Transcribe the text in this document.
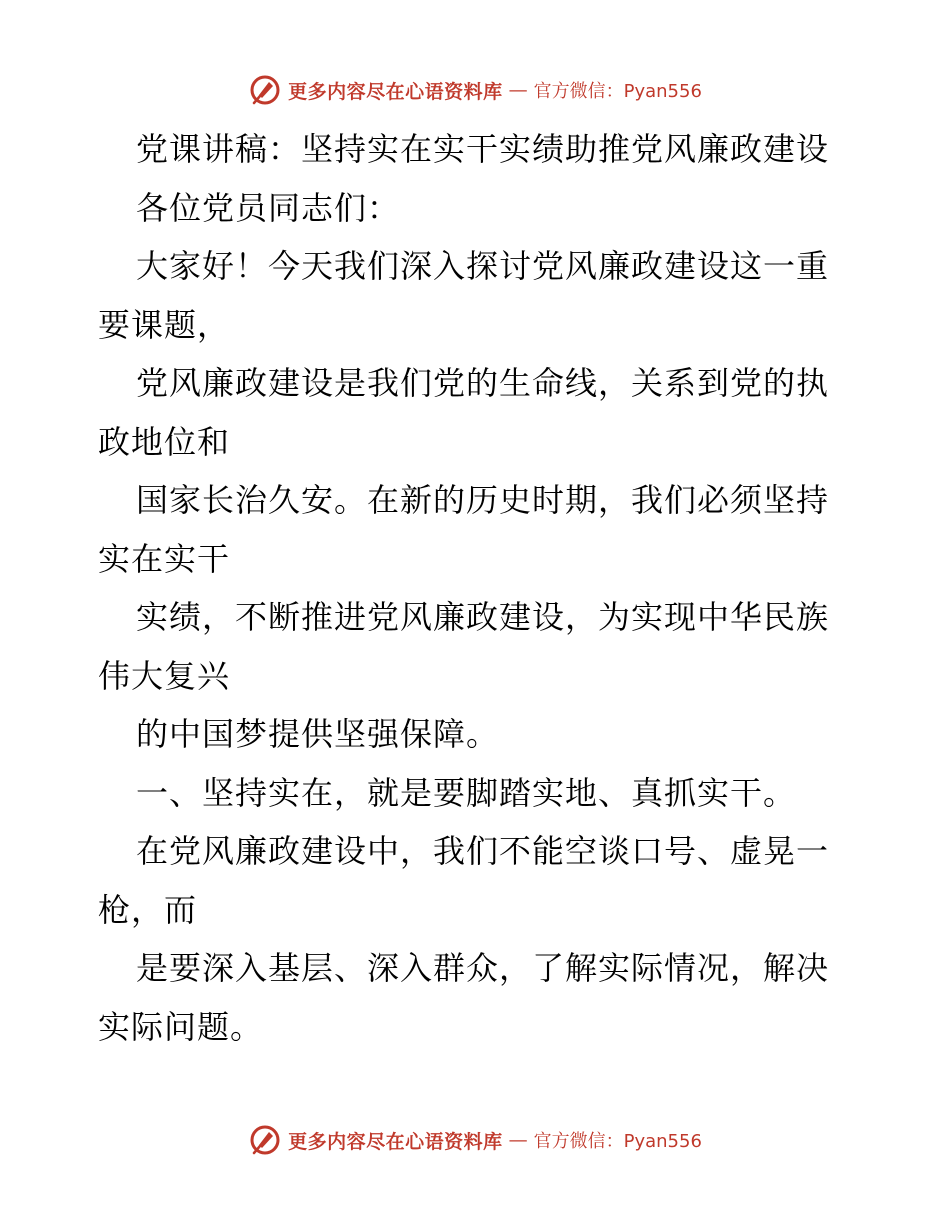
更多内容尽在心语资料库 — 官方微信：Pyan556
党课讲稿：坚持实在实干实绩助推党风廉政建设
各位党员同志们：
大家好！今天我们深入探讨党风廉政建设这一重
要课题，
党风廉政建设是我们党的生命线，关系到党的执
政地位和
国家长治久安。在新的历史时期，我们必须坚持
实在实干
实绩，不断推进党风廉政建设，为实现中华民族
伟大复兴
的中国梦提供坚强保障。
一、坚持实在，就是要脚踏实地、真抓实干。
在党风廉政建设中，我们不能空谈口号、虚晃一
枪，而
是要深入基层、深入群众，了解实际情况，解决
实际问题。
更多内容尽在心语资料库 — 官方微信：Pyan556
